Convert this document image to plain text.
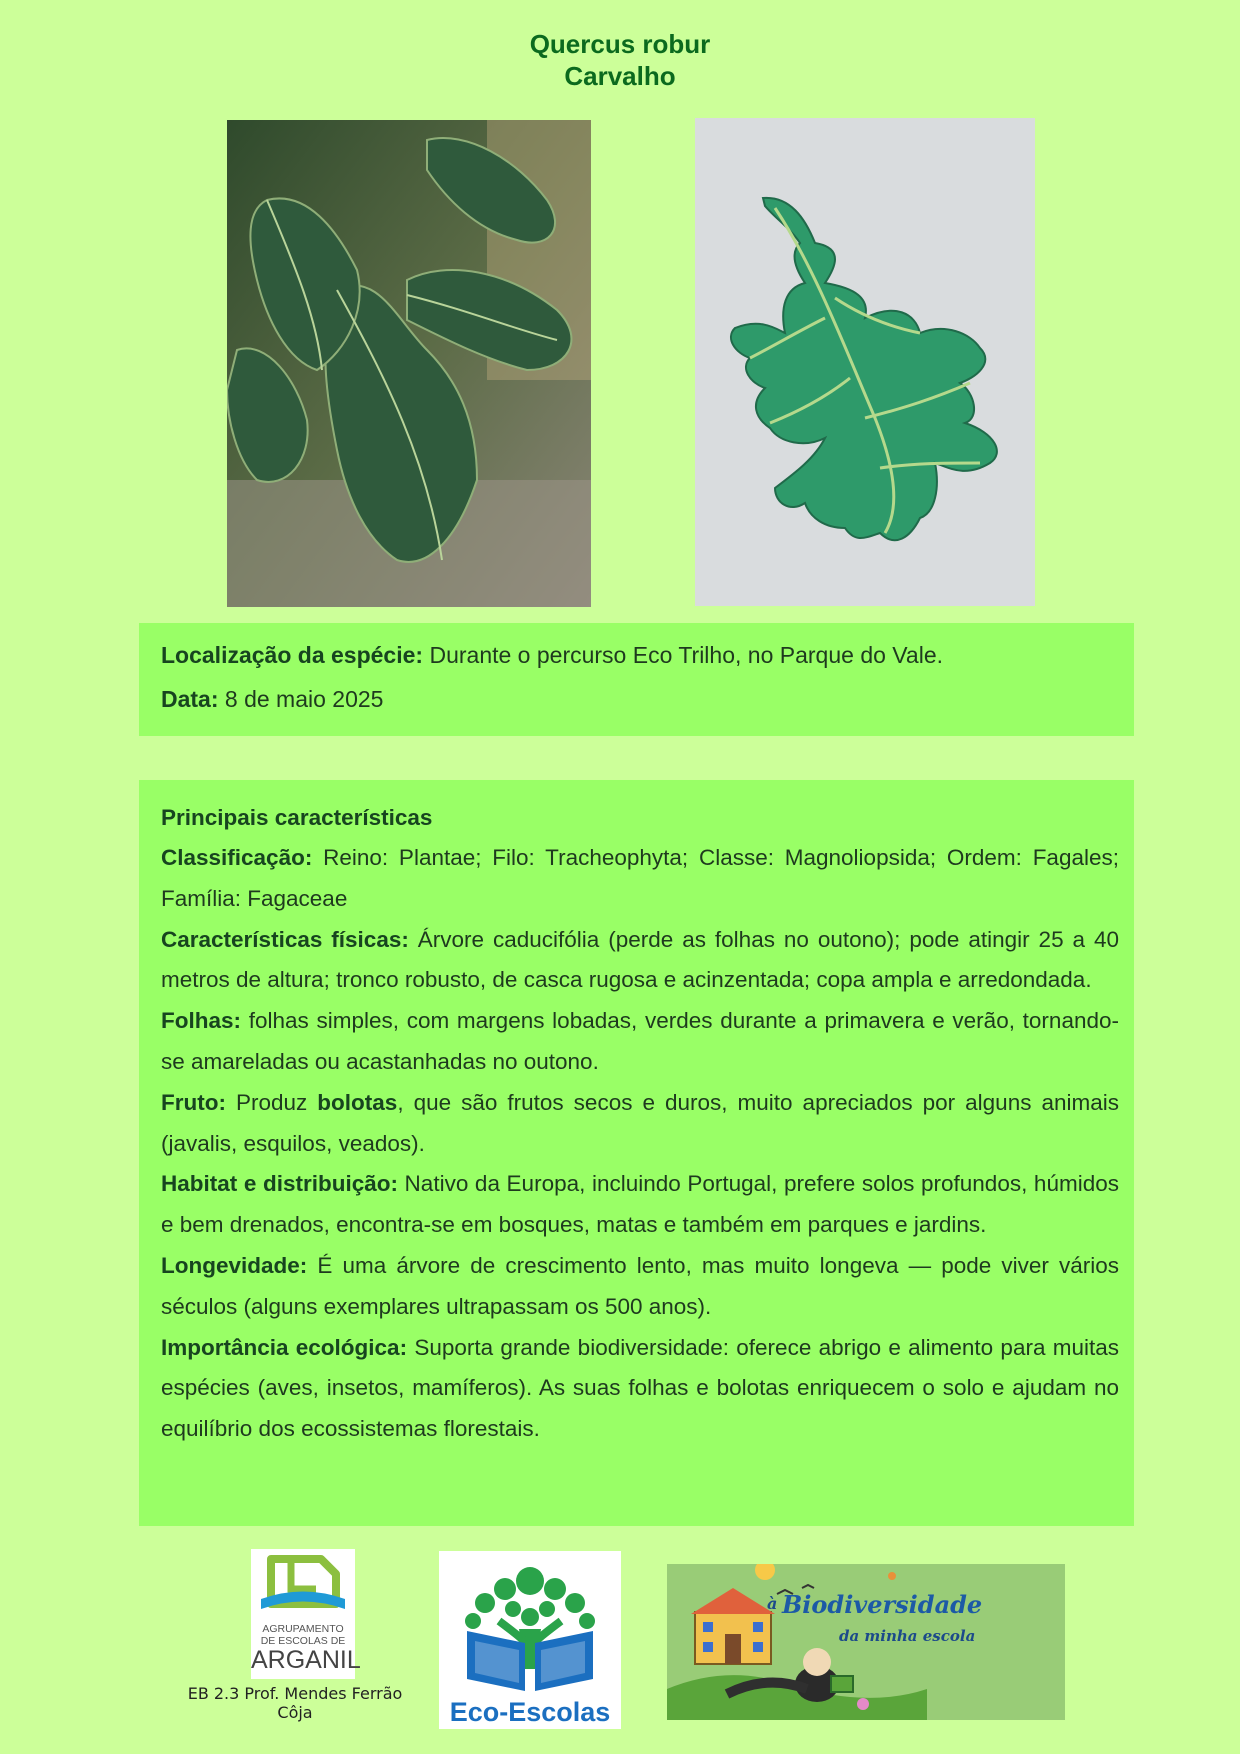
Quercus robur
Carvalho

Localização da espécie: Durante o percurso Eco Trilho, no Parque do Vale.

Data: 8 de maio 2025

Principais características

Classificação: Reino: Plantae; Filo: Tracheophyta; Classe: Magnoliopsida; Ordem: Fagales; Família: Fagaceae

Características físicas: Árvore caducifólia (perde as folhas no outono); pode atingir 25 a 40 metros de altura; tronco robusto, de casca rugosa e acinzentada; copa ampla e arredondada.

Folhas: folhas simples, com margens lobadas, verdes durante a primavera e verão, tornando-se amareladas ou acastanhadas no outono.

Fruto: Produz bolotas, que são frutos secos e duros, muito apreciados por alguns animais (javalis, esquilos, veados).

Habitat e distribuição: Nativo da Europa, incluindo Portugal, prefere solos profundos, húmidos e bem drenados, encontra-se em bosques, matas e também em parques e jardins.

Longevidade: É uma árvore de crescimento lento, mas muito longeva — pode viver vários séculos (alguns exemplares ultrapassam os 500 anos).

Importância ecológica: Suporta grande biodiversidade: oferece abrigo e alimento para muitas espécies (aves, insetos, mamíferos). As suas folhas e bolotas enriquecem o solo e ajudam no equilíbrio dos ecossistemas florestais.

AGRUPAMENTO
DE ESCOLAS DE
ARGANIL
EB 2.3 Prof. Mendes Ferrão
Côja	Eco-Escolas
à Biodiversidade
da minha escola
